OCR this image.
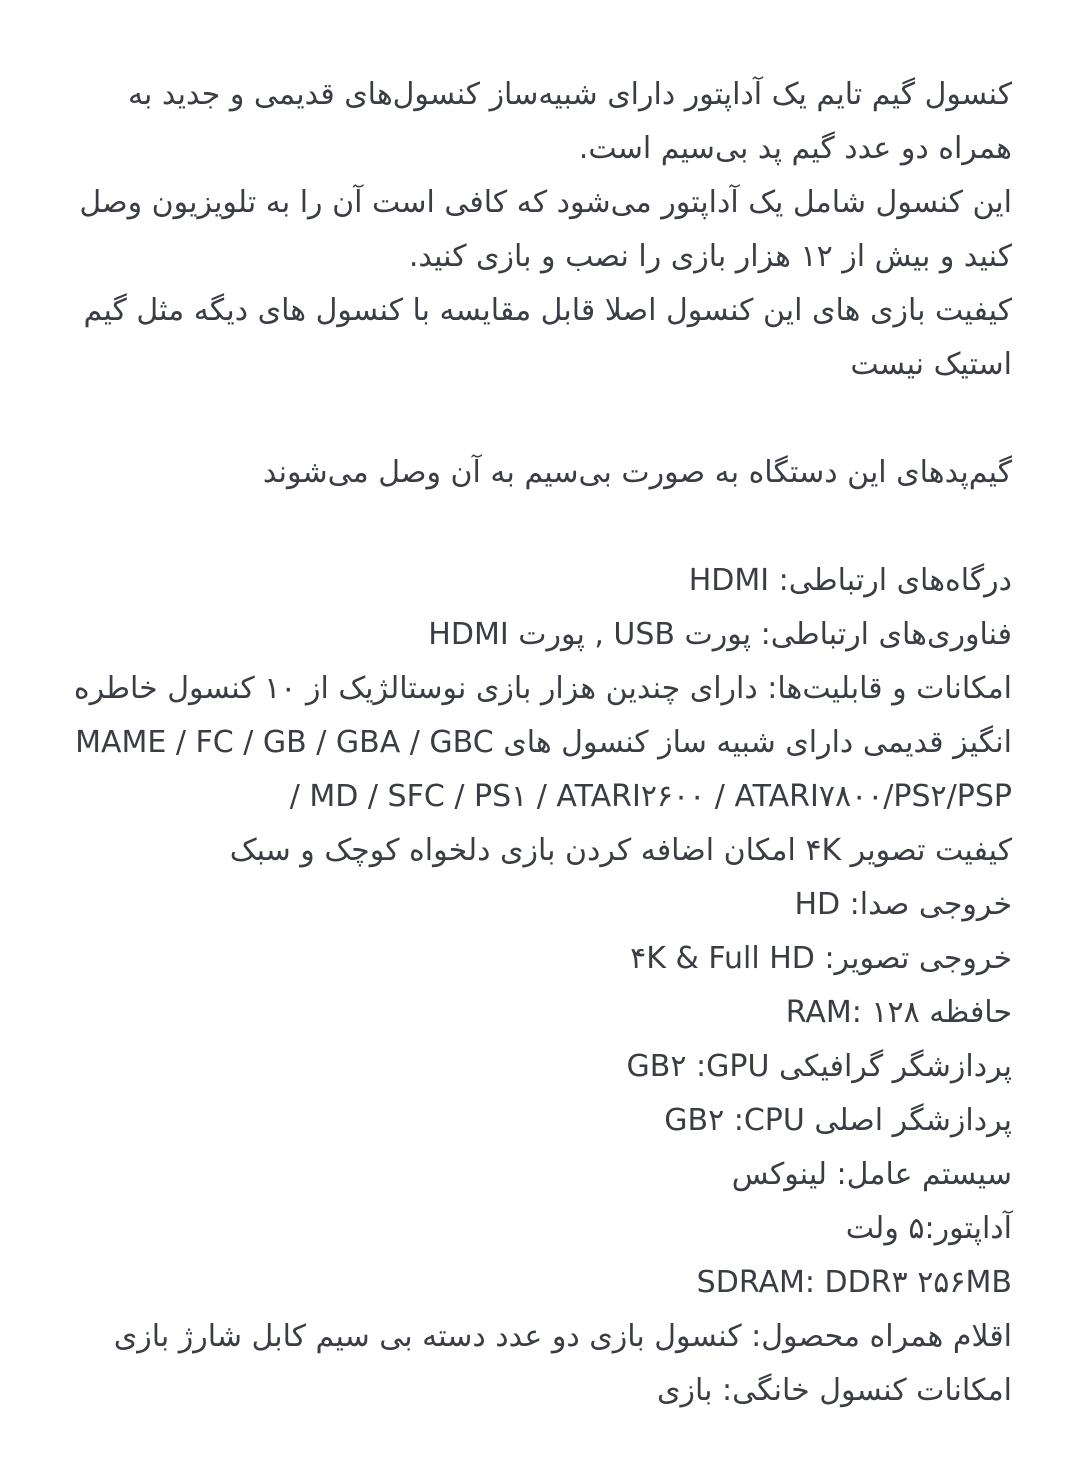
کنسول گیم تایم یک آداپتور دارای شبیه‌ساز کنسول‌های قدیمی و جدید به همراه دو عدد گیم پد بی‌سیم است.

این کنسول شامل یک آداپتور می‌شود که کافی است آن را به تلویزیون وصل کنید و بیش از ۱۲ هزار بازی را نصب و بازی کنید.

کیفیت بازی های این کنسول اصلا قابل مقایسه با کنسول های دیگه مثل گیم استیک نیست

گیم‌پدهای این دستگاه به صورت بی‌سیم به آن وصل می‌شوند

درگاه‌های ارتباطی: HDMI

فناوری‌های ارتباطی: پورت USB , پورت HDMI

امکانات و قابلیت‌ها: دارای چندین هزار بازی نوستالژیک از ۱۰ کنسول خاطره انگیز قدیمی دارای شبیه ساز کنسول های MAME / FC / GB / GBA / GBC / MD / SFC / PS۱ / ATARI۲۶۰۰ / ATARI۷۸۰۰/PS۲/PSP

کیفیت تصویر ۴K امکان اضافه کردن بازی دلخواه کوچک و سبک

خروجی صدا: HD

خروجی تصویر: ۴K & Full HD

حافظه ۱۲۸ :RAM

پردازشگر گرافیکی GB۲ :GPU

پردازشگر اصلی GB۲ :CPU

سیستم عامل: لینوکس

آداپتور:۵ ولت

SDRAM: DDR۳ ۲۵۶MB

اقلام همراه محصول: کنسول بازی دو عدد دسته بی سیم کابل شارژ بازی

امکانات کنسول خانگی: بازی
